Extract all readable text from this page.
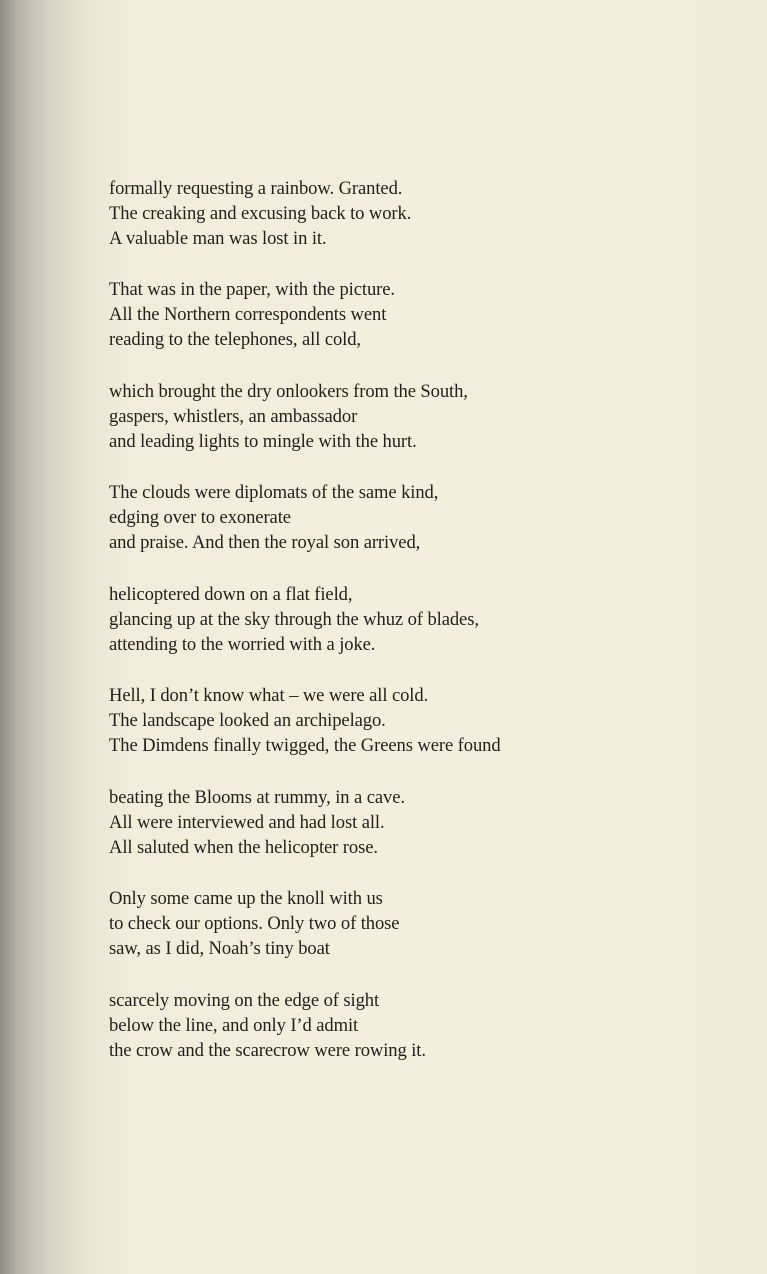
formally requesting a rainbow. Granted.
The creaking and excusing back to work.
A valuable man was lost in it.
That was in the paper, with the picture.
All the Northern correspondents went
reading to the telephones, all cold,
which brought the dry onlookers from the South,
gaspers, whistlers, an ambassador
and leading lights to mingle with the hurt.
The clouds were diplomats of the same kind,
edging over to exonerate
and praise. And then the royal son arrived,
helicoptered down on a flat field,
glancing up at the sky through the whuz of blades,
attending to the worried with a joke.
Hell, I don’t know what – we were all cold.
The landscape looked an archipelago.
The Dimdens finally twigged, the Greens were found
beating the Blooms at rummy, in a cave.
All were interviewed and had lost all.
All saluted when the helicopter rose.
Only some came up the knoll with us
to check our options. Only two of those
saw, as I did, Noah’s tiny boat
scarcely moving on the edge of sight
below the line, and only I’d admit
the crow and the scarecrow were rowing it.
